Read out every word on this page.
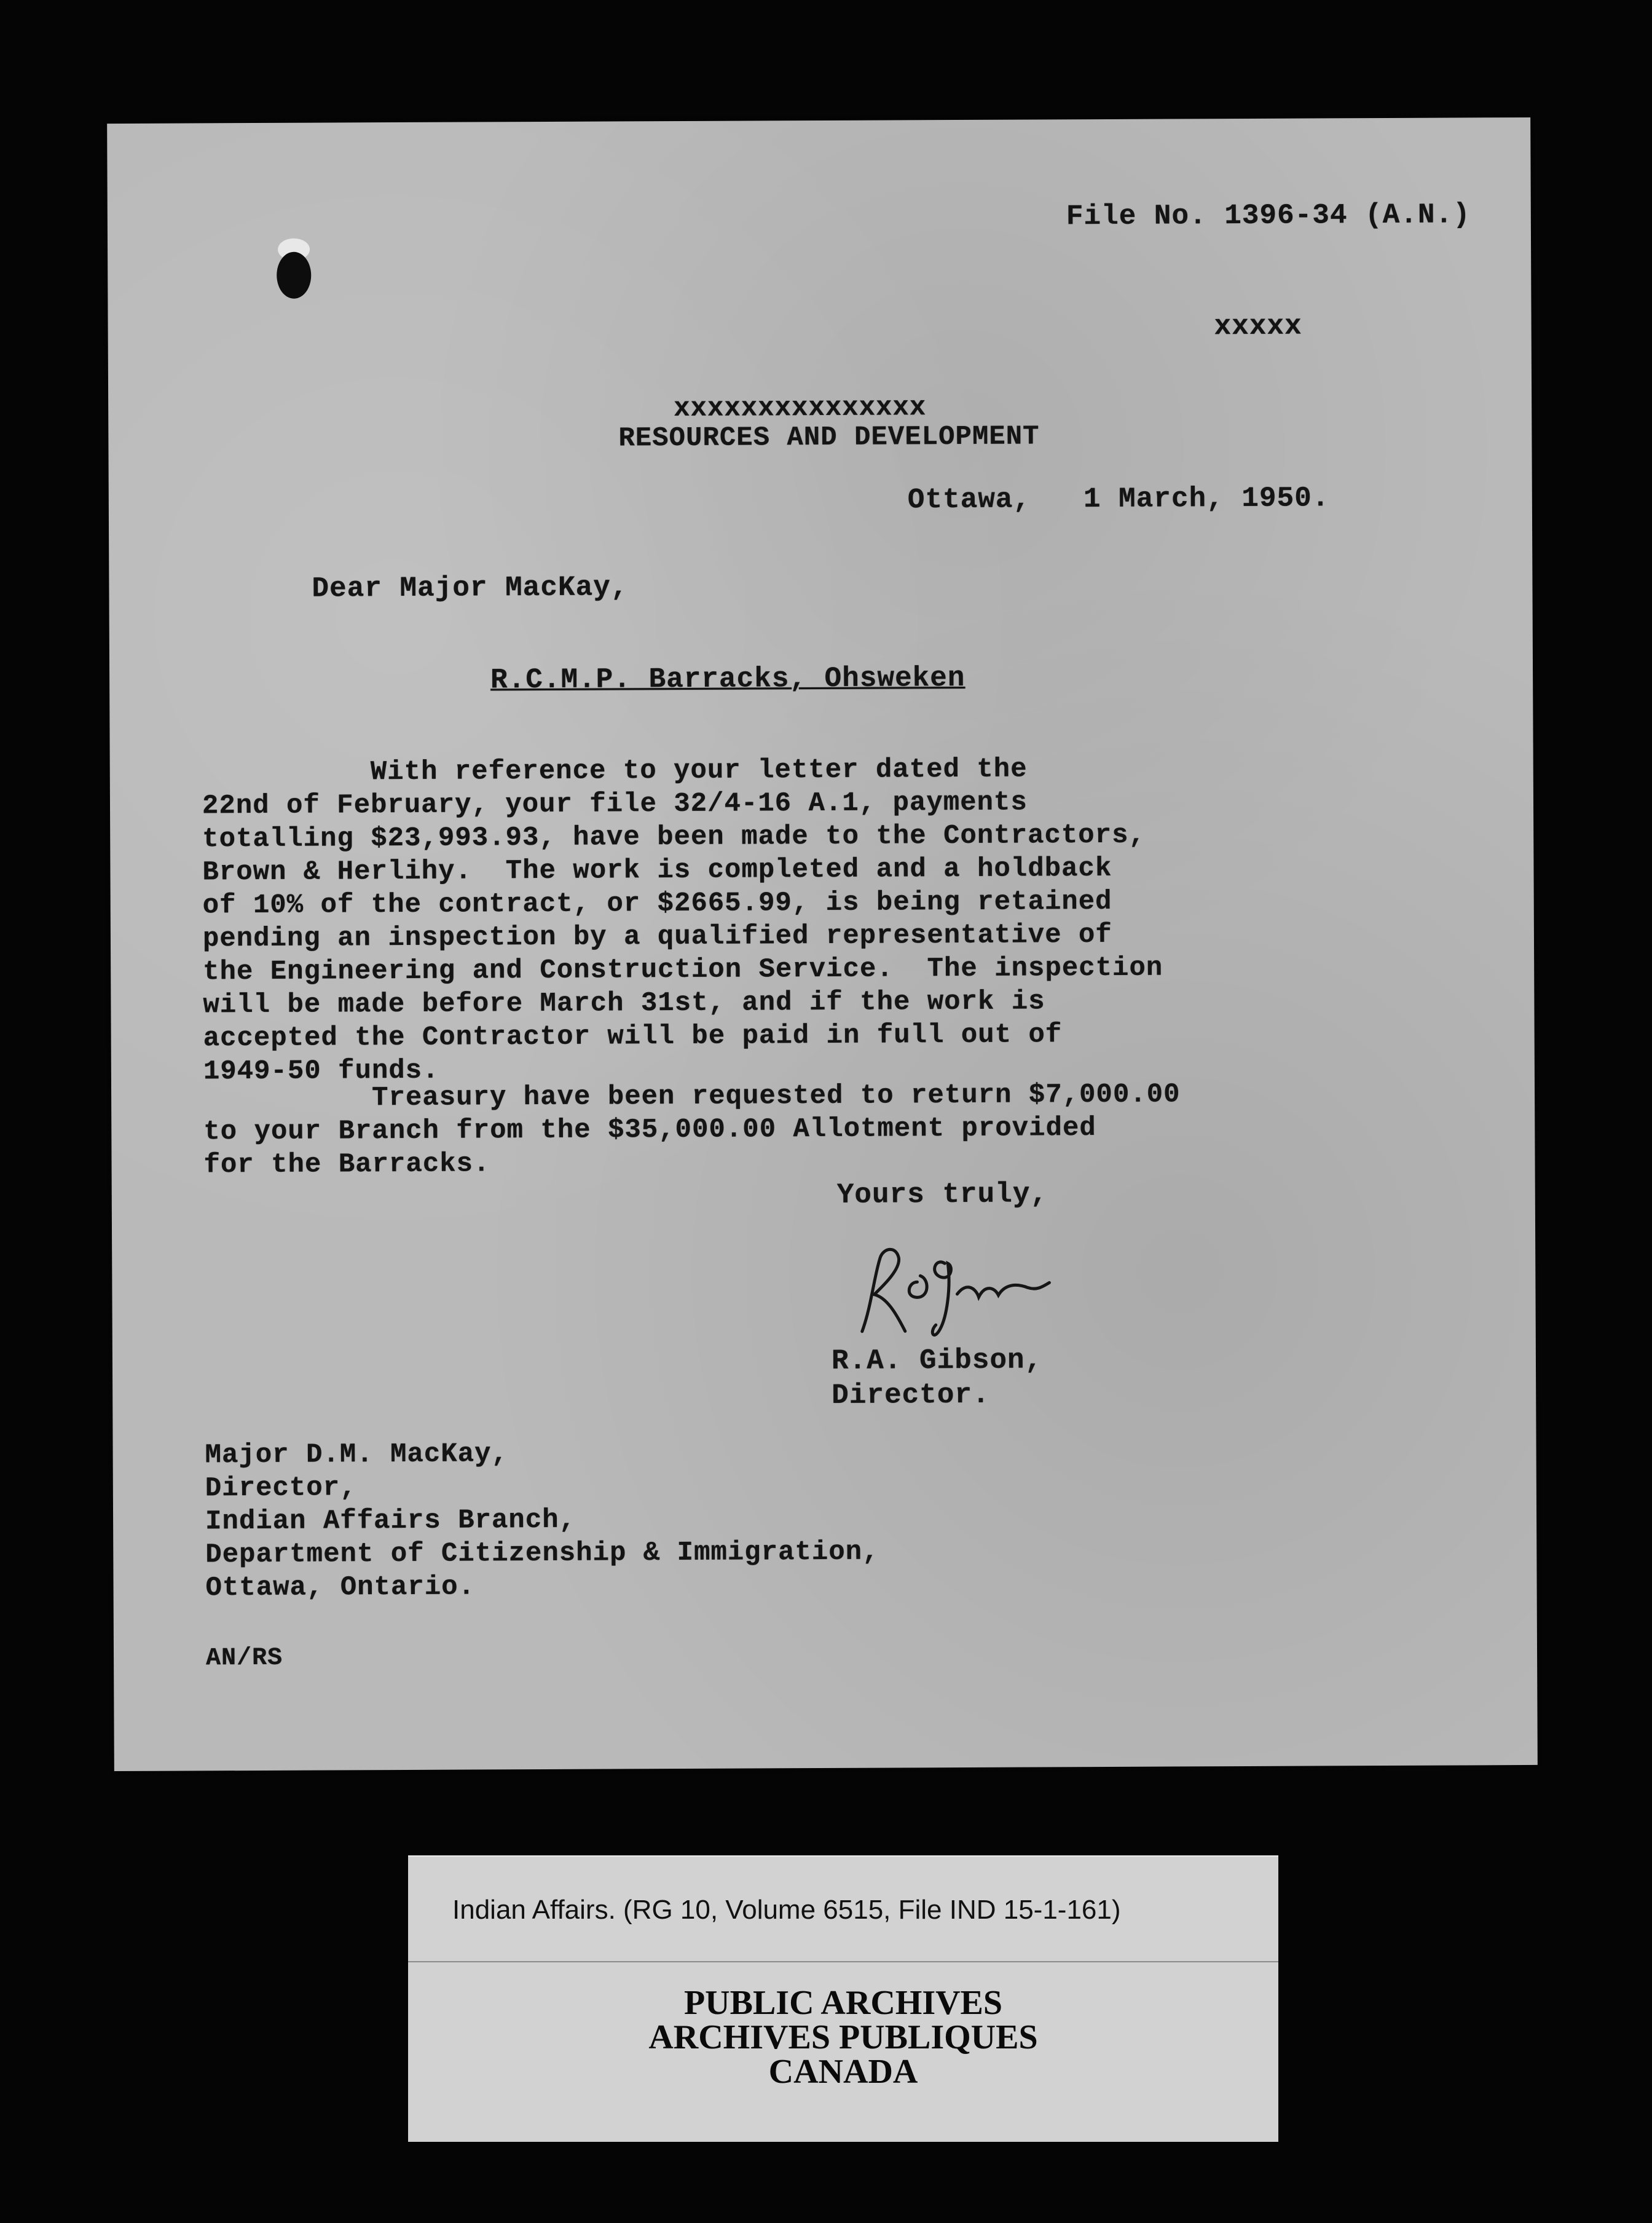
File No. 1396-34 (A.N.)
xxxxx
xxxxxxxxxxxxxxx
RESOURCES AND DEVELOPMENT
Ottawa,   1 March, 1950.
Dear Major MacKay,
R.C.M.P. Barracks, Ohsweken
With reference to your letter dated the
22nd of February, your file 32/4-16 A.1, payments
totalling $23,993.93, have been made to the Contractors,
Brown & Herlihy.  The work is completed and a holdback
of 10% of the contract, or $2665.99, is being retained
pending an inspection by a qualified representative of
the Engineering and Construction Service.  The inspection
will be made before March 31st, and if the work is
accepted the Contractor will be paid in full out of
1949-50 funds.
Treasury have been requested to return $7,000.00
to your Branch from the $35,000.00 Allotment provided
for the Barracks.
Yours truly,
R.A. Gibson,
Director.
Major D.M. MacKay,
Director,
Indian Affairs Branch,
Department of Citizenship & Immigration,
Ottawa, Ontario.
AN/RS
Indian Affairs. (RG 10, Volume 6515, File IND 15-1-161)
PUBLIC ARCHIVES
ARCHIVES PUBLIQUES
CANADA
